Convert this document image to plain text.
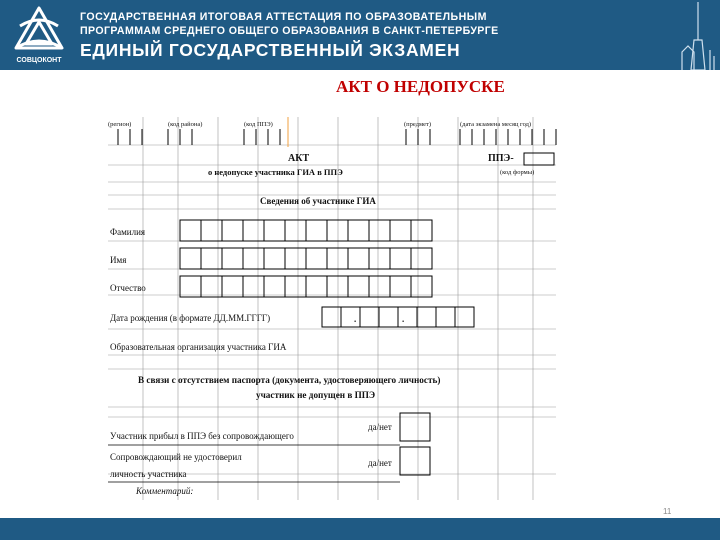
СОВЦОКОНТ
ГОСУДАРСТВЕННАЯ ИТОГОВАЯ АТТЕСТАЦИЯ ПО ОБРАЗОВАТЕЛЬНЫМ
ПРОГРАММАМ СРЕДНЕГО ОБЩЕГО ОБРАЗОВАНИЯ В САНКТ-ПЕТЕРБУРГЕ
ЕДИНЫЙ ГОСУДАРСТВЕННЫЙ ЭКЗАМЕН
АКТ О НЕДОПУСКЕ
(регион)	(код района)	(код ППЭ)	(предмет)	(дата экзамена месяц год)
АКТ
о недопуске участника ГИА в ППЭ
ППЭ-
(код формы)
Сведения об участнике ГИА
Фамилия
Имя
Отчество
Дата рождения (в формате ДД.ММ.ГГГГ)	.	.
Образовательная организация участника ГИА
В связи с отсутствием паспорта (документа, удостоверяющего личность)
участник не допущен в ППЭ
Участник прибыл в ППЭ без сопровождающего
да/нет
Сопровождающий не удостоверил
личность участника
да/нет
Комментарий:
11
